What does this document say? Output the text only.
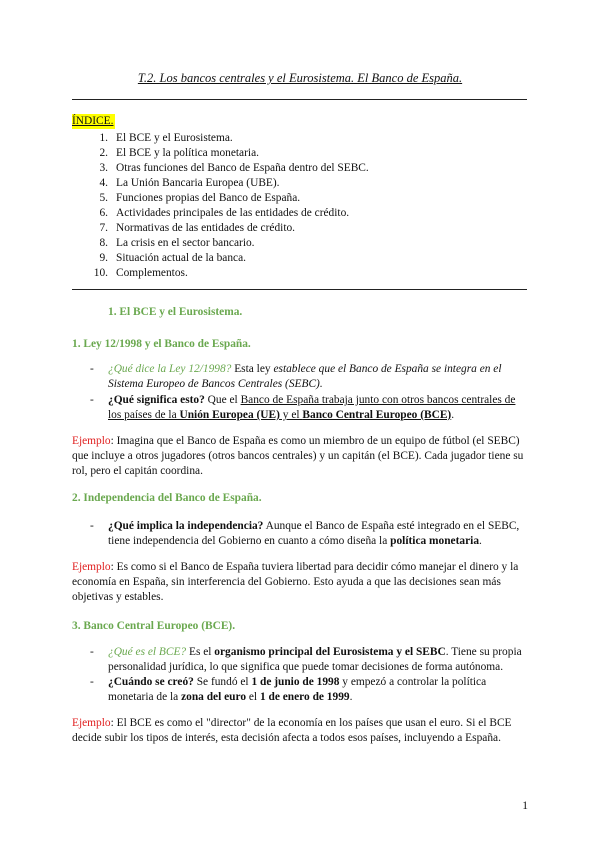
T.2. Los bancos centrales y el Eurosistema. El Banco de España.
ÍNDICE.
1. El BCE y el Eurosistema.
2. El BCE y la política monetaria.
3. Otras funciones del Banco de España dentro del SEBC.
4. La Unión Bancaria Europea (UBE).
5. Funciones propias del Banco de España.
6. Actividades principales de las entidades de crédito.
7. Normativas de las entidades de crédito.
8. La crisis en el sector bancario.
9. Situación actual de la banca.
10. Complementos.
1. El BCE y el Eurosistema.
1. Ley 12/1998 y el Banco de España.
- ¿Qué dice la Ley 12/1998? Esta ley establece que el Banco de España se integra en el Sistema Europeo de Bancos Centrales (SEBC).
- ¿Qué significa esto? Que el Banco de España trabaja junto con otros bancos centrales de los países de la Unión Europea (UE) y el Banco Central Europeo (BCE).
Ejemplo: Imagina que el Banco de España es como un miembro de un equipo de fútbol (el SEBC) que incluye a otros jugadores (otros bancos centrales) y un capitán (el BCE). Cada jugador tiene su rol, pero el capitán coordina.
2. Independencia del Banco de España.
- ¿Qué implica la independencia? Aunque el Banco de España esté integrado en el SEBC, tiene independencia del Gobierno en cuanto a cómo diseña la política monetaria.
Ejemplo: Es como si el Banco de España tuviera libertad para decidir cómo manejar el dinero y la economía en España, sin interferencia del Gobierno. Esto ayuda a que las decisiones sean más objetivas y estables.
3. Banco Central Europeo (BCE).
- ¿Qué es el BCE? Es el organismo principal del Eurosistema y el SEBC. Tiene su propia personalidad jurídica, lo que significa que puede tomar decisiones de forma autónoma.
- ¿Cuándo se creó? Se fundó el 1 de junio de 1998 y empezó a controlar la política monetaria de la zona del euro el 1 de enero de 1999.
Ejemplo: El BCE es como el "director" de la economía en los países que usan el euro. Si el BCE decide subir los tipos de interés, esta decisión afecta a todos esos países, incluyendo a España.
1
